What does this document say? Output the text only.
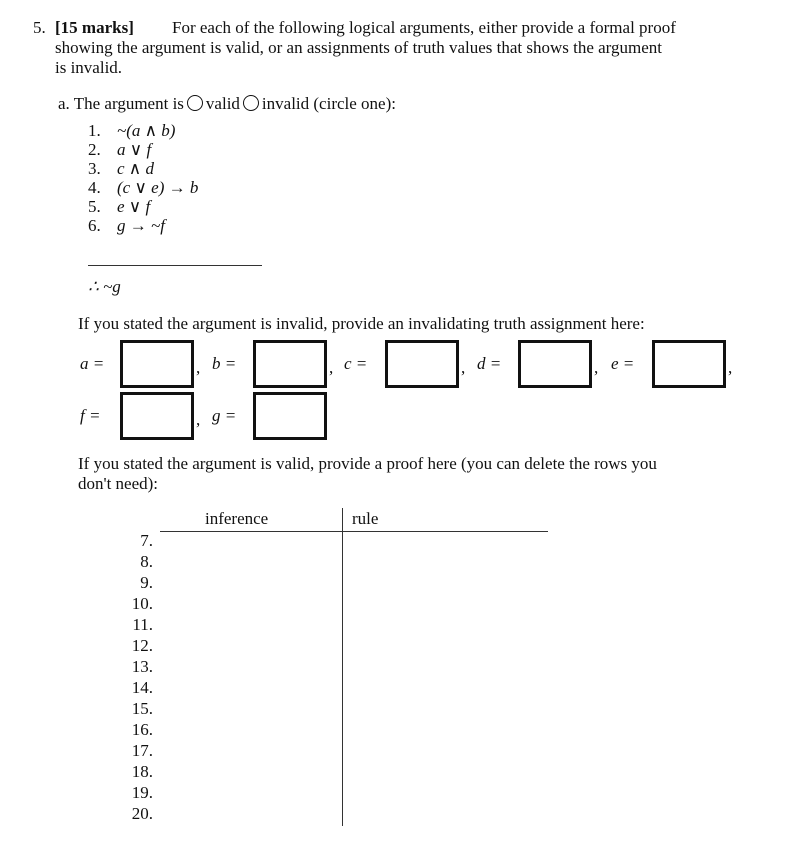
5. [15 marks] For each of the following logical arguments, either provide a formal proof
showing the argument is valid, or an assignments of truth values that shows the argument
is invalid.
a. The argument is valid invalid (circle one):
1. ~(a ∧ b)
2. a ∨ f
3. c ∧ d
4. (c ∨ e) → b
5. e ∨ f
6. g → ~f
∴ ~g
If you stated the argument is invalid, provide an invalidating truth assignment here:
a =	, b =	, c =	, d =	, e =	,
f =	, g =
If you stated the argument is valid, provide a proof here (you can delete the rows you
don't need):
inference	rule
7.
8.
9.
10.
11.
12.
13.
14.
15.
16.
17.
18.
19.
20.
